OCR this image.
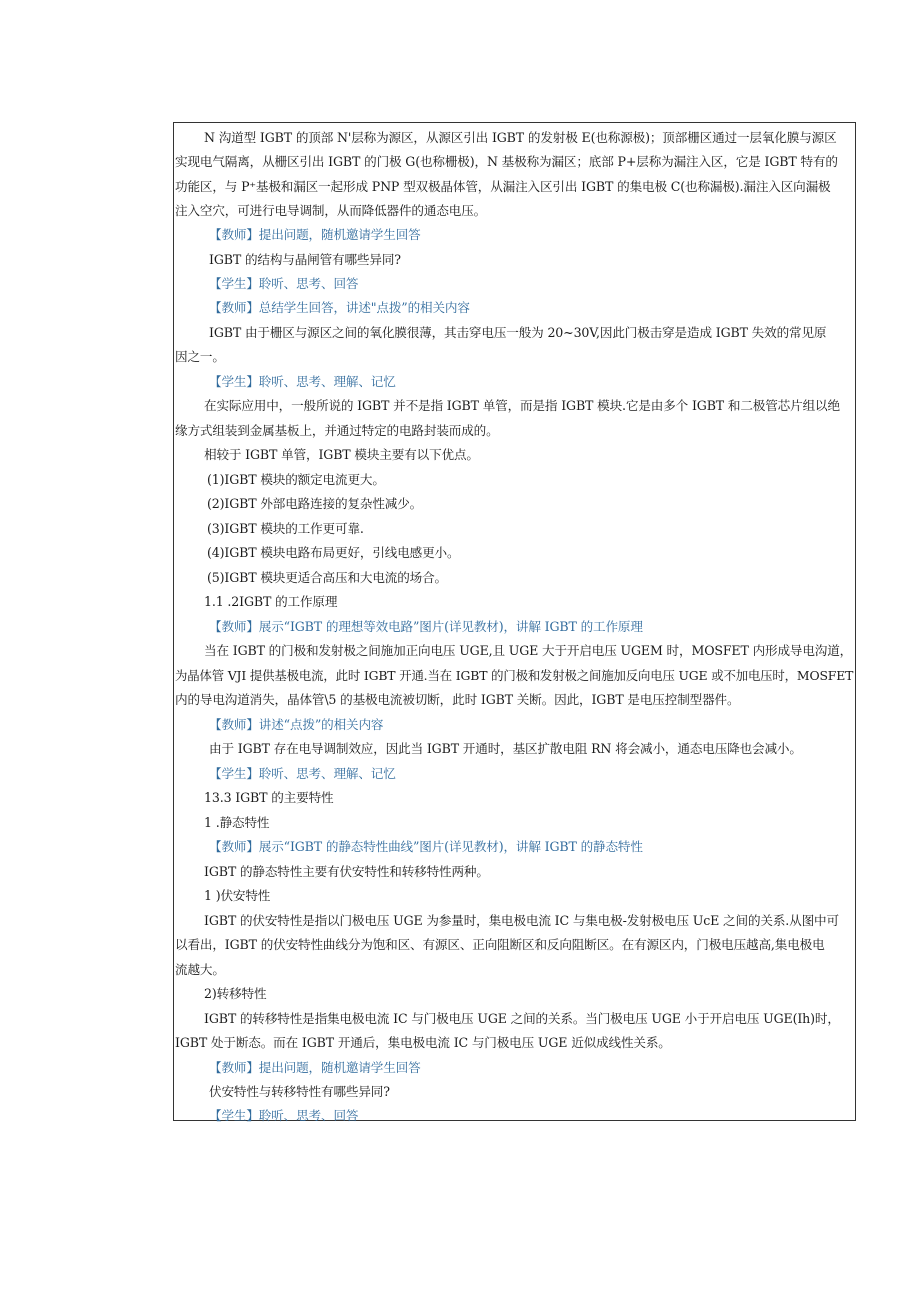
N 沟道型 IGBT 的顶部 N'层称为源区，从源区引出 IGBT 的发射极 E(也称源极)；顶部栅区通过一层氧化膜与源区
实现电气隔离，从栅区引出 IGBT 的门极 G(也称栅极)，N 基极称为漏区；底部 P+层称为漏注入区，它是 IGBT 特有的
功能区，与 P⁺基极和漏区一起形成 PNP 型双极晶体管，从漏注入区引出 IGBT 的集电极 C(也称漏极).漏注入区向漏极
注入空穴，可进行电导调制，从而降低器件的通态电压。
【教师】提出问题，随机邀请学生回答
IGBT 的结构与晶闸管有哪些异同?
【学生】聆听、思考、回答
【教师】总结学生回答，讲述"点拨”的相关内容
IGBT 由于栅区与源区之间的氧化膜很薄，其击穿电压一般为 20~30V,因此门极击穿是造成 IGBT 失效的常见原
因之一。
【学生】聆听、思考、理解、记忆
在实际应用中，一般所说的 IGBT 并不是指 IGBT 单管，而是指 IGBT 模块.它是由多个 IGBT 和二极管芯片组以绝
缘方式组装到金属基板上，并通过特定的电路封装而成的。
相较于 IGBT 单管，IGBT 模块主要有以下优点。
(1)IGBT 模块的额定电流更大。
(2)IGBT 外部电路连接的复杂性减少。
(3)IGBT 模块的工作更可靠.
(4)IGBT 模块电路布局更好，引线电感更小。
(5)IGBT 模块更适合高压和大电流的场合。
1.1 .2IGBT 的工作原理
【教师】展示“IGBT 的理想等效电路”图片(详见教材)，讲解 IGBT 的工作原理
当在 IGBT 的门极和发射极之间施加正向电压 UGE,且 UGE 大于开启电压 UGEM 时，MOSFET 内形成导电沟道，
为晶体管 VJI 提供基极电流，此时 IGBT 开通.当在 IGBT 的门极和发射极之间施加反向电压 UGE 或不加电压时，MOSFET
内的导电沟道消失，晶体管\5 的基极电流被切断，此时 IGBT 关断。因此，IGBT 是电压控制型器件。
【教师】讲述“点拨”的相关内容
由于 IGBT 存在电导调制效应，因此当 IGBT 开通时，基区扩散电阻 RN 将会减小，通态电压降也会减小。
【学生】聆听、思考、理解、记忆
13.3 IGBT 的主要特性
1 .静态特性
【教师】展示“IGBT 的静态特性曲线”图片(详见教材)，讲解 IGBT 的静态特性
IGBT 的静态特性主要有伏安特性和转移特性两种。
1 )伏安特性
IGBT 的伏安特性是指以门极电压 UGE 为参量时，集电极电流 IC 与集电极-发射极电压 UcE 之间的关系.从图中可
以看出，IGBT 的伏安特性曲线分为饱和区、有源区、正向阻断区和反向阻断区。在有源区内，门极电压越高,集电极电
流越大。
2)转移特性
IGBT 的转移特性是指集电极电流 IC 与门极电压 UGE 之间的关系。当门极电压 UGE 小于开启电压 UGE(Ih)时，
IGBT 处于断态。而在 IGBT 开通后，集电极电流 IC 与门极电压 UGE 近似成线性关系。
【教师】提出问题，随机邀请学生回答
伏安特性与转移特性有哪些异同?
【学生】聆听、思考、回答
